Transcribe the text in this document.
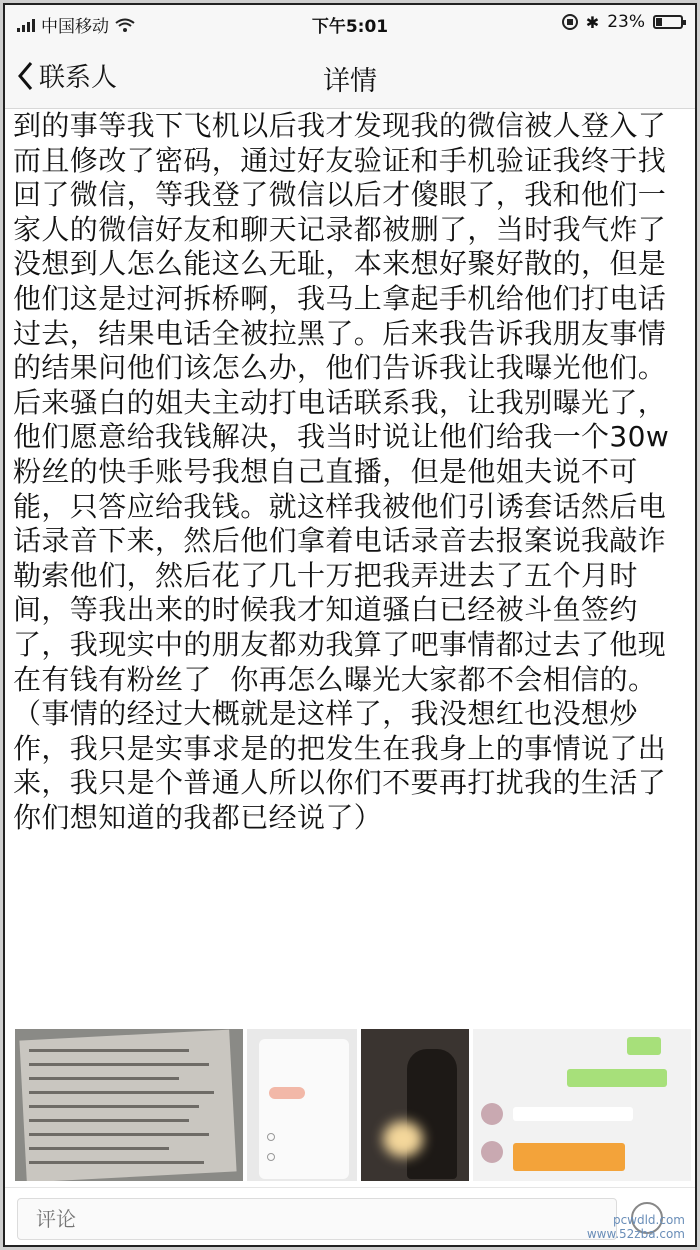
中国移动	下午5:01	✱ 23%
联系人	详情

到的事等我下飞机以后我才发现我的微信被人登入了

而且修改了密码，通过好友验证和手机验证我终于找

回了微信，等我登了微信以后才傻眼了，我和他们一

家人的微信好友和聊天记录都被删了，当时我气炸了

没想到人怎么能这么无耻，本来想好聚好散的，但是

他们这是过河拆桥啊，我马上拿起手机给他们打电话

过去，结果电话全被拉黑了。后来我告诉我朋友事情

的结果问他们该怎么办，他们告诉我让我曝光他们。

后来骚白的姐夫主动打电话联系我，让我别曝光了，

他们愿意给我钱解决，我当时说让他们给我一个30w

粉丝的快手账号我想自己直播，但是他姐夫说不可

能，只答应给我钱。就这样我被他们引诱套话然后电

话录音下来，然后他们拿着电话录音去报案说我敲诈

勒索他们，然后花了几十万把我弄进去了五个月时

间，等我出来的时候我才知道骚白已经被斗鱼签约

了，我现实中的朋友都劝我算了吧事情都过去了他现

在有钱有粉丝了  你再怎么曝光大家都不会相信的。

（事情的经过大概就是这样了，我没想红也没想炒

作，我只是实事求是的把发生在我身上的事情说了出

来，我只是个普通人所以你们不要再打扰我的生活了

你们想知道的我都已经说了）

评论
pcwdld.com
www.52zba.com
